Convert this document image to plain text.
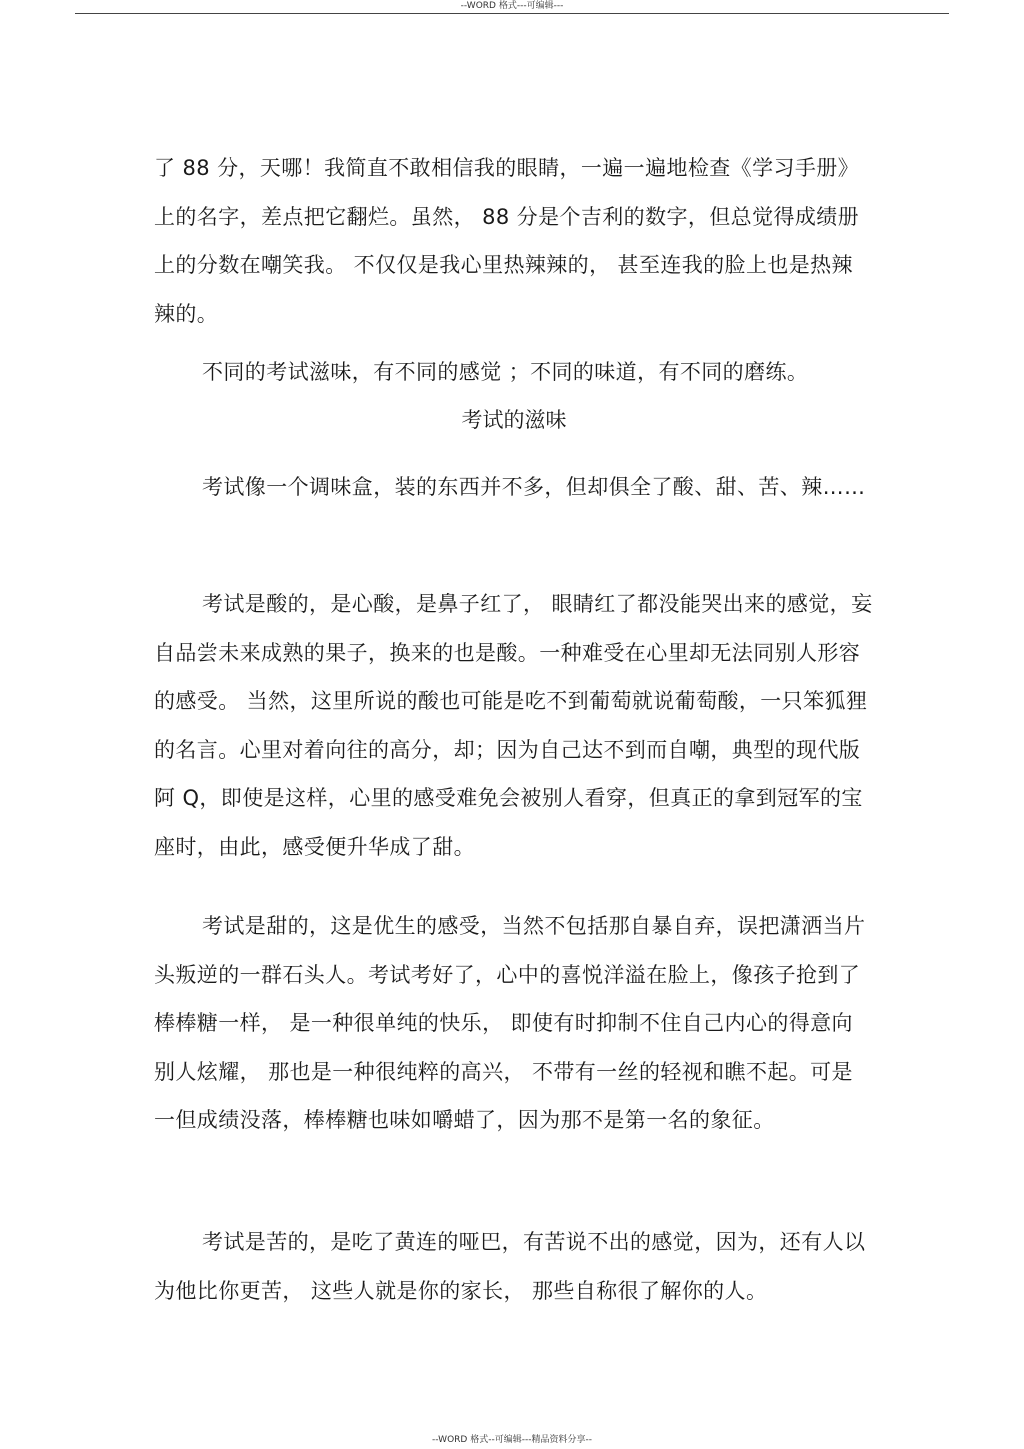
--WORD 格式---可编辑---

了 88 分，天哪！我简直不敢相信我的眼睛，一遍一遍地检查《学习手册》上的名字，差点把它翻烂。虽然， 88 分是个吉利的数字，但总觉得成绩册上的分数在嘲笑我。 不仅仅是我心里热辣辣的， 甚至连我的脸上也是热辣辣的。

不同的考试滋味，有不同的感觉 ；不同的味道，有不同的磨练。

考试的滋味

考试像一个调味盒，装的东西并不多，但却俱全了酸、甜、苦、辣……

考试是酸的，是心酸，是鼻子红了， 眼睛红了都没能哭出来的感觉，妄自品尝未来成熟的果子，换来的也是酸。一种难受在心里却无法同别人形容的感受。 当然，这里所说的酸也可能是吃不到葡萄就说葡萄酸，一只笨狐狸的名言。心里对着向往的高分，却；因为自己达不到而自嘲，典型的现代版阿 Q，即使是这样，心里的感受难免会被别人看穿，但真正的拿到冠军的宝座时，由此，感受便升华成了甜。

考试是甜的，这是优生的感受，当然不包括那自暴自弃，误把潇洒当片头叛逆的一群石头人。考试考好了，心中的喜悦洋溢在脸上，像孩子抢到了棒棒糖一样， 是一种很单纯的快乐， 即使有时抑制不住自己内心的得意向别人炫耀， 那也是一种很纯粹的高兴， 不带有一丝的轻视和瞧不起。可是一但成绩没落，棒棒糖也味如嚼蜡了，因为那不是第一名的象征。

考试是苦的，是吃了黄连的哑巴，有苦说不出的感觉，因为，还有人以为他比你更苦， 这些人就是你的家长， 那些自称很了解你的人。

--WORD 格式--可编辑---精品资料分享--
